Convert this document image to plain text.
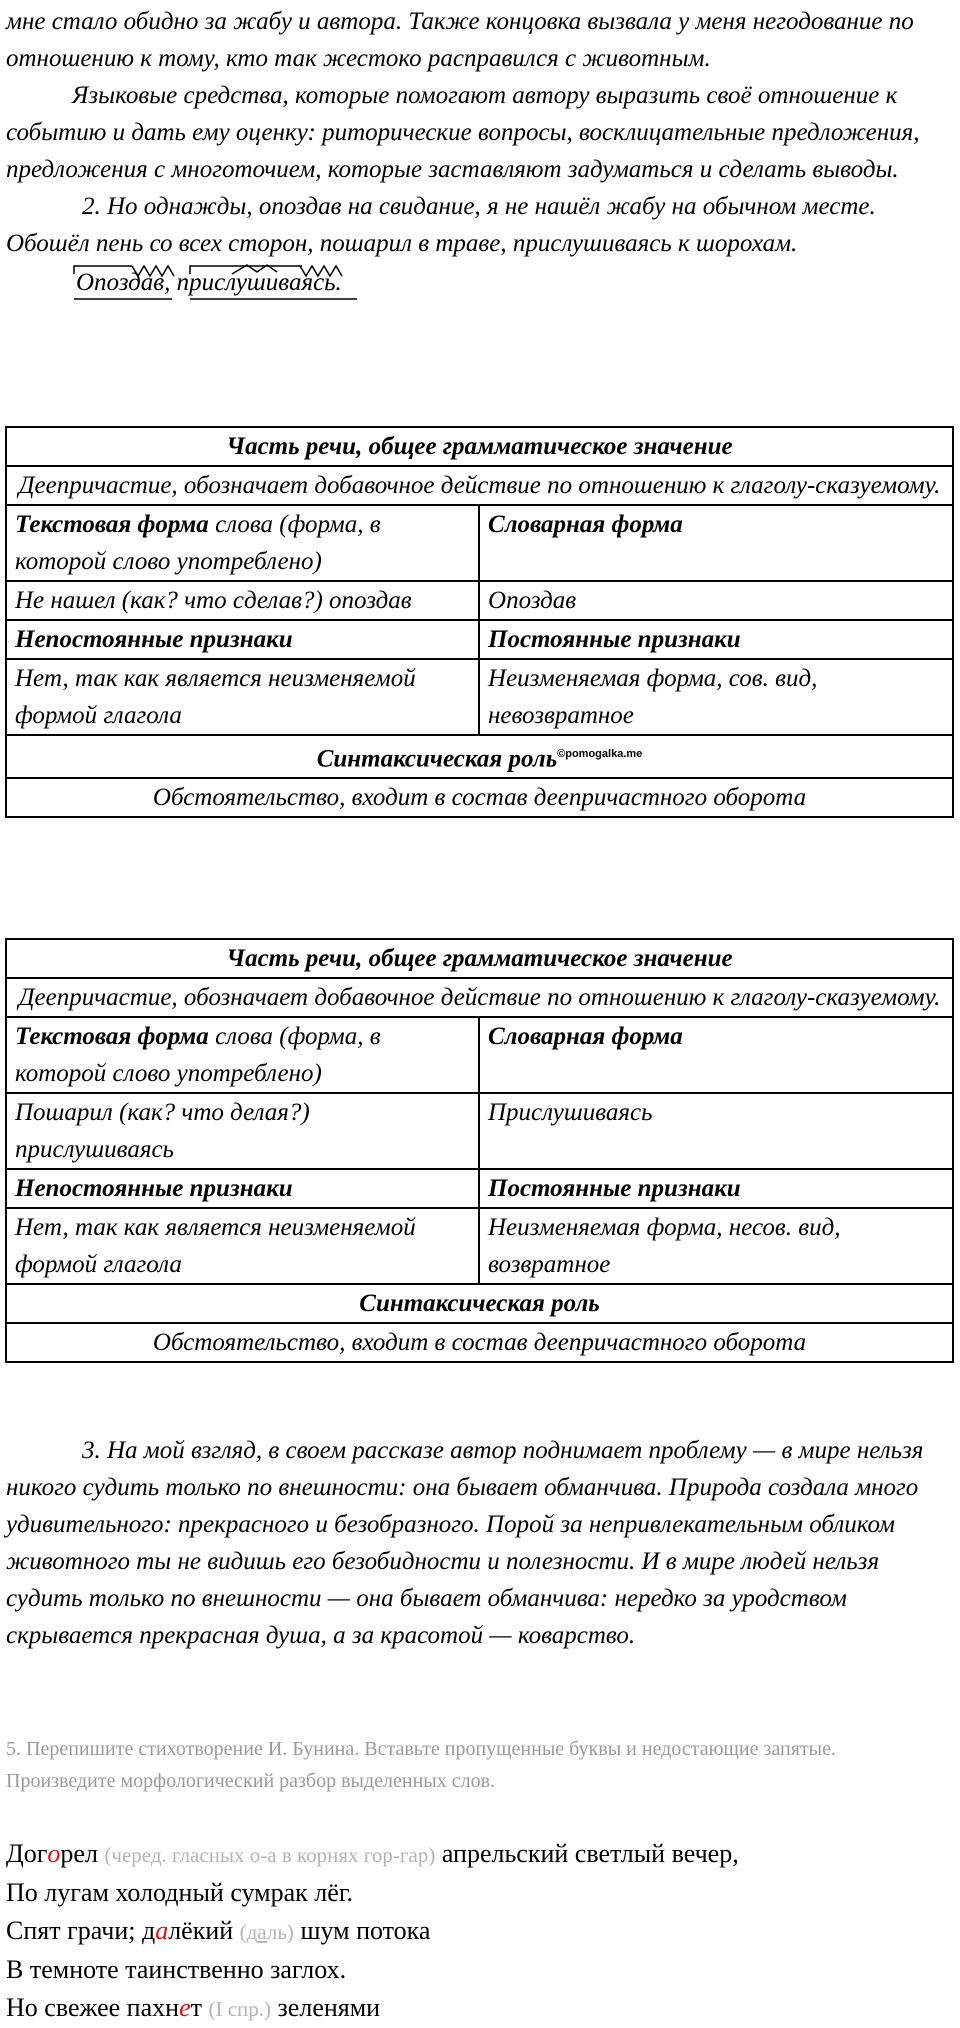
мне стало обидно за жабу и автора. Также концовка вызвала у меня негодование по отношению к тому, кто так жестоко расправился с животным.

Языковые средства, которые помогают автору выразить своё отношение к событию и дать ему оценку: риторические вопросы, восклицательные предложения, предложения с многоточием, которые заставляют задуматься и сделать выводы.

2. Но однажды, опоздав на свидание, я не нашёл жабу на обычном месте. Обошёл пень со всех сторон, пошарил в траве, прислушиваясь к шорохам.

Опоздав, прислушиваясь.
Часть речи, общее грамматическое значение	
Деепричастие, обозначает добавочное действие по отношению к глаголу-сказуемому.	
Текстовая форма слова (форма, в которой слово употреблено)	Словарная форма
Не нашел (как? что сделав?) опоздав	Опоздав
Непостоянные признаки	Постоянные признаки
Нет, так как является неизменяемой формой глагола	Неизменяемая форма, сов. вид, невозвратное
Синтаксическая роль$^{©pomogalka.me}$
Обстоятельство, входит в состав деепричастного оборота	
Часть речи, общее грамматическое значение	
Деепричастие, обозначает добавочное действие по отношению к глаголу-сказуемому.	
Текстовая форма слова (форма, в которой слово употреблено)	Словарная форма
Пошарил (как? что делая?) прислушиваясь	Прислушиваясь
Непостоянные признаки	Постоянные признаки
Нет, так как является неизменяемой формой глагола	Неизменяемая форма, несов. вид, возвратное
Синтаксическая роль	
Обстоятельство, входит в состав деепричастного оборота	

3. На мой взгляд, в своем рассказе автор поднимает проблему — в мире нельзя никого судить только по внешности: она бывает обманчива. Природа создала много удивительного: прекрасного и безобразного. Порой за непривлекательным обликом животного ты не видишь его безобидности и полезности. И в мире людей нельзя судить только по внешности — она бывает обманчива: нередко за уродством скрывается прекрасная душа, а за красотой — коварство.

5. Перепишите стихотворение И. Бунина. Вставьте пропущенные буквы и недостающие запятые. Произведите морфологический разбор выделенных слов.
Догорел (черед. гласных о-а в корнях гор-гар) апрельский светлый вечер,
По лугам холодный сумрак лёг.
Спят грачи; далёкий (даль) шум потока
В темноте таинственно заглох.
Но свежее пахнет (I спр.) зеленями
